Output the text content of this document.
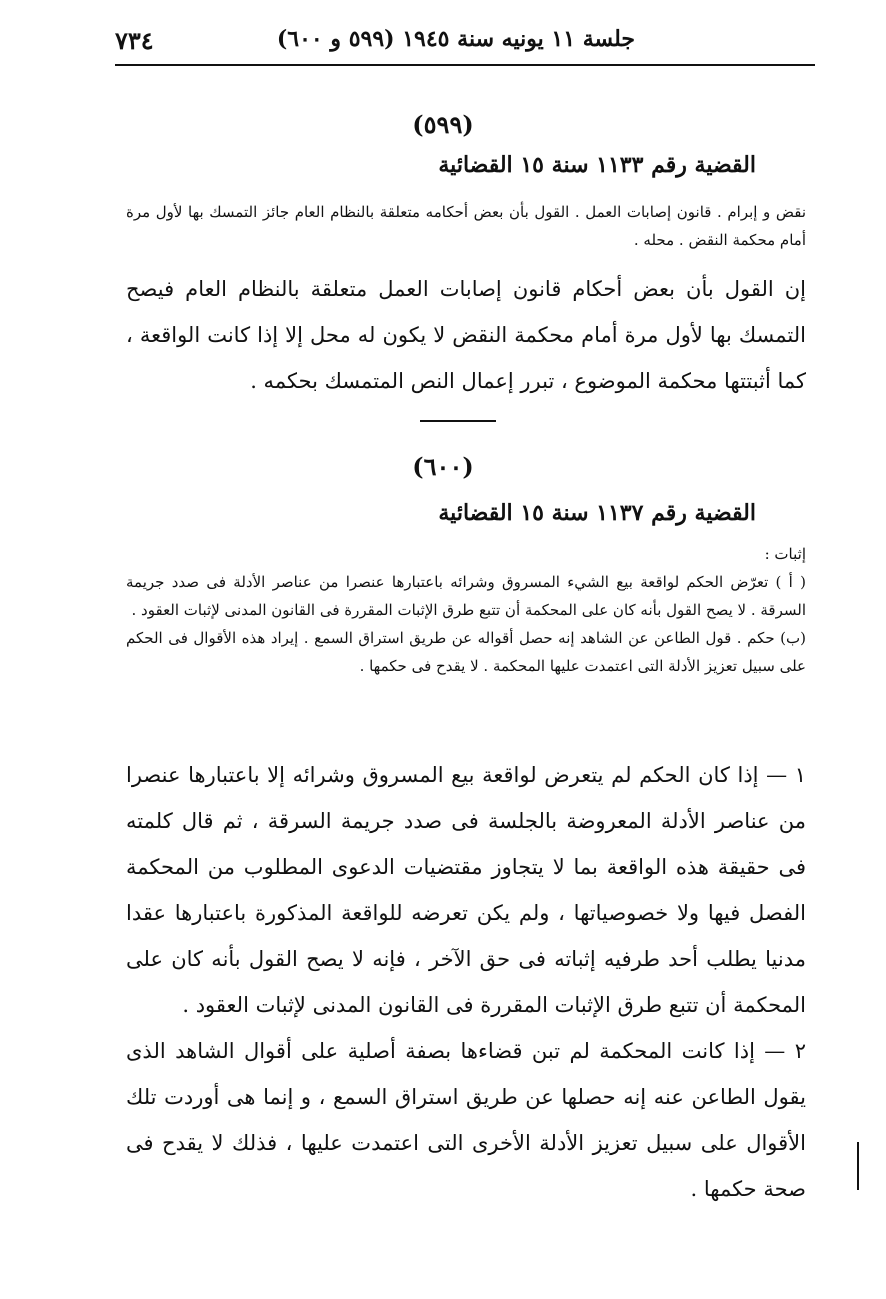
٧٣٤	جلسة ١١ يونيه سنة ١٩٤٥ (٥٩٩ و ٦٠٠)
(٥٩٩)
القضية رقم ١١٣٣ سنة ١٥ القضائية
نقض و إبرام . قانون إصابات العمل . القول بأن بعض أحكامه متعلقة بالنظام العام جائز التمسك بها لأول مرة أمام محكمة النقض . محله .
إن القول بأن بعض أحكام قانون إصابات العمل متعلقة بالنظام العام فيصح التمسك بها لأول مرة أمام محكمة النقض لا يكون له محل إلا إذا كانت الواقعة ، كما أثبتتها محكمة الموضوع ، تبرر إعمال النص المتمسك بحكمه .
(٦٠٠)
القضية رقم ١١٣٧ سنة ١٥ القضائية
إثبات :
( أ ) تعرّض الحكم لواقعة بيع الشيء المسروق وشرائه باعتبارها عنصرا من عناصر الأدلة فى صدد جريمة السرقة . لا يصح القول بأنه كان على المحكمة أن تتبع طرق الإثبات المقررة فى القانون المدنى لإثبات العقود .
(ب) حكم . قول الطاعن عن الشاهد إنه حصل أقواله عن طريق استراق السمع . إيراد هذه الأقوال فى الحكم على سبيل تعزيز الأدلة التى اعتمدت عليها المحكمة . لا يقدح فى حكمها .
١ — إذا كان الحكم لم يتعرض لواقعة بيع المسروق وشرائه إلا باعتبارها عنصرا من عناصر الأدلة المعروضة بالجلسة فى صدد جريمة السرقة ، ثم قال كلمته فى حقيقة هذه الواقعة بما لا يتجاوز مقتضيات الدعوى المطلوب من المحكمة الفصل فيها ولا خصوصياتها ، ولم يكن تعرضه للواقعة المذكورة باعتبارها عقدا مدنيا يطلب أحد طرفيه إثباته فى حق الآخر ، فإنه لا يصح القول بأنه كان على المحكمة أن تتبع طرق الإثبات المقررة فى القانون المدنى لإثبات العقود .
٢ — إذا كانت المحكمة لم تبن قضاءها بصفة أصلية على أقوال الشاهد الذى يقول الطاعن عنه إنه حصلها عن طريق استراق السمع ، و إنما هى أوردت تلك الأقوال على سبيل تعزيز الأدلة الأخرى التى اعتمدت عليها ، فذلك لا يقدح فى صحة حكمها .
